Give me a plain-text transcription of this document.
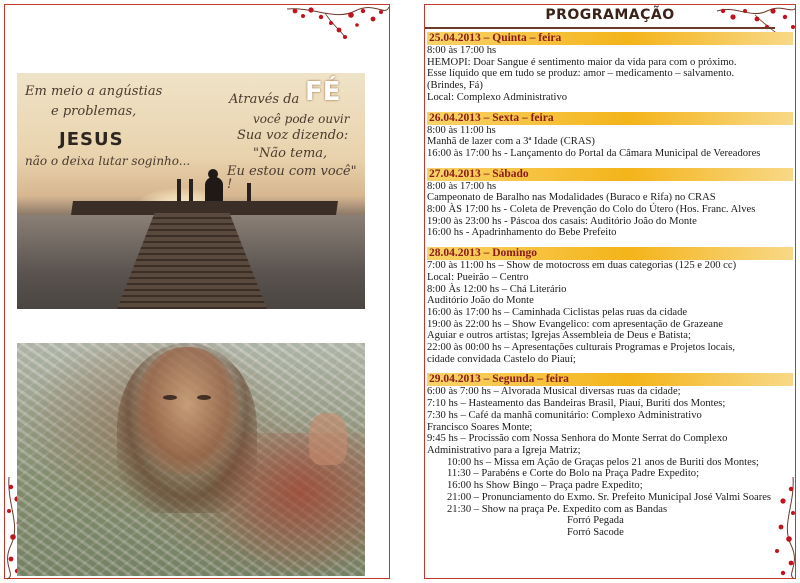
Em meio a angústias
e problemas,
JESUS
não o deixa lutar soginho...
Através da FÉ
você pode ouvir
Sua voz dizendo:
"Não tema,
Eu estou com você" !
PROGRAMAÇÃO
25.04.2013 – Quinta – feira
8:00 às 17:00 hs
HEMOPI: Doar Sangue é sentimento maior da vida para com o próximo.
Esse líquido que em tudo se produz: amor – medicamento – salvamento.
(Brindes, Fá)
Local: Complexo Administrativo
26.04.2013 – Sexta – feira
8:00 às 11:00 hs
Manhã de lazer com a 3ª Idade (CRAS)
16:00 às 17:00 hs - Lançamento do Portal da Câmara Municipal de Vereadores
27.04.2013 – Sábado
8:00 às 17:00 hs
Campeonato de Baralho nas Modalidades (Buraco e Rifa) no CRAS
8:00 ÀS 17:00 hs - Coleta de Prevenção do Colo do Útero (Hos. Franc. Alves
19:00 às 23:00 hs - Páscoa dos casais: Auditório João do Monte
16:00 hs - Apadrinhamento do Bebe Prefeito
28.04.2013 – Domingo
7:00 às 11:00 hs – Show de motocross em duas categorias (125 e 200 cc)
Local: Pueirão – Centro
8:00 Às 12:00 hs – Chá Literário
Auditório João do Monte
16:00 às 17:00 hs – Caminhada Ciclistas pelas ruas da cidade
19:00 às 22:00 hs – Show Evangelico: com apresentação de Grazeane
Aguiar e outros artistas; Igrejas Assembleia de Deus e Batista;
22:00 às 00:00 hs – Apresentações culturais Programas e Projetos locais,
cidade convidada Castelo do Piauí;
29.04.2013 – Segunda – feira
6:00 às 7:00 hs – Alvorada Musical diversas ruas da cidade;
7:10 hs – Hasteamento das Bandeiras Brasil, Piauí, Buriti dos Montes;
7:30 hs – Café da manhã comunitário: Complexo Administrativo
Francisco Soares Monte;
9:45 hs – Procissão com Nossa Senhora do Monte Serrat do Complexo
Administrativo para a Igreja Matriz;
10:00 hs – Missa em Ação de Graças pelos 21 anos de Buriti dos Montes;
11:30 – Parabéns e Corte do Bolo na Praça Padre Expedito;
16:00 hs Show Bingo – Praça padre Expedito;
21:00 – Pronunciamento do Exmo. Sr. Prefeito Municipal José Valmi Soares
21:30 – Show na praça Pe. Expedito com as Bandas
Forró Pegada
Forró Sacode
